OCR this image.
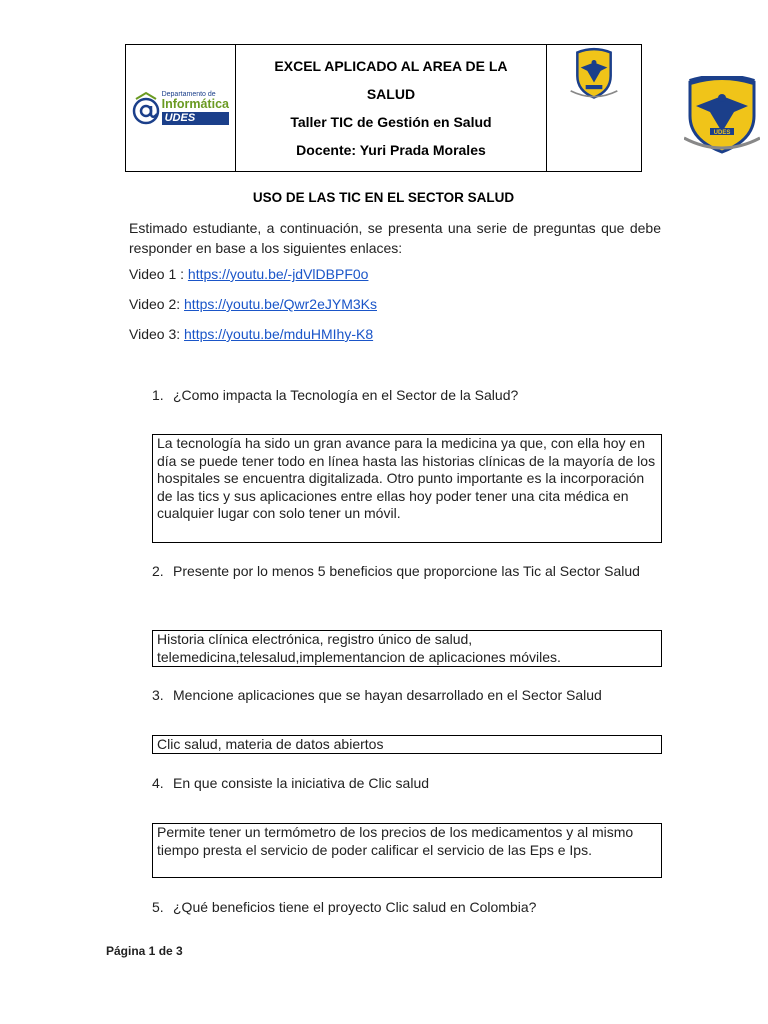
Departamento de
Informática
UDES
EXCEL APLICADO AL AREA DE LA
SALUD
Taller TIC de Gestión en Salud
Docente: Yuri Prada Morales
UDES
USO DE LAS TIC EN EL SECTOR SALUD
Estimado estudiante, a continuación, se presenta una serie de preguntas que debe responder en base a los siguientes enlaces:
Video 1 : https://youtu.be/-jdVlDBPF0o
Video 2: https://youtu.be/Qwr2eJYM3Ks
Video 3: https://youtu.be/mduHMIhy-K8
1. ¿Como impacta la Tecnología en el Sector de la Salud?
La tecnología ha sido un gran avance para la medicina ya que, con ella hoy en día se puede tener todo en línea hasta las historias clínicas de la mayoría de los hospitales se encuentra digitalizada. Otro punto importante es la incorporación de las tics y sus aplicaciones entre ellas hoy poder tener una cita médica en cualquier lugar con solo tener un móvil.
2. Presente por lo menos 5 beneficios que proporcione las Tic al Sector Salud
Historia clínica electrónica, registro único de salud, telemedicina,telesalud,implementancion de aplicaciones móviles.
3. Mencione aplicaciones que se hayan desarrollado en el Sector Salud
Clic salud, materia de datos abiertos
4. En que consiste la iniciativa de Clic salud
Permite tener un termómetro de los precios de los medicamentos y al mismo tiempo presta el servicio de poder calificar el servicio de las Eps e Ips.
5. ¿Qué beneficios tiene el proyecto Clic salud en Colombia?
Página 1 de 3
